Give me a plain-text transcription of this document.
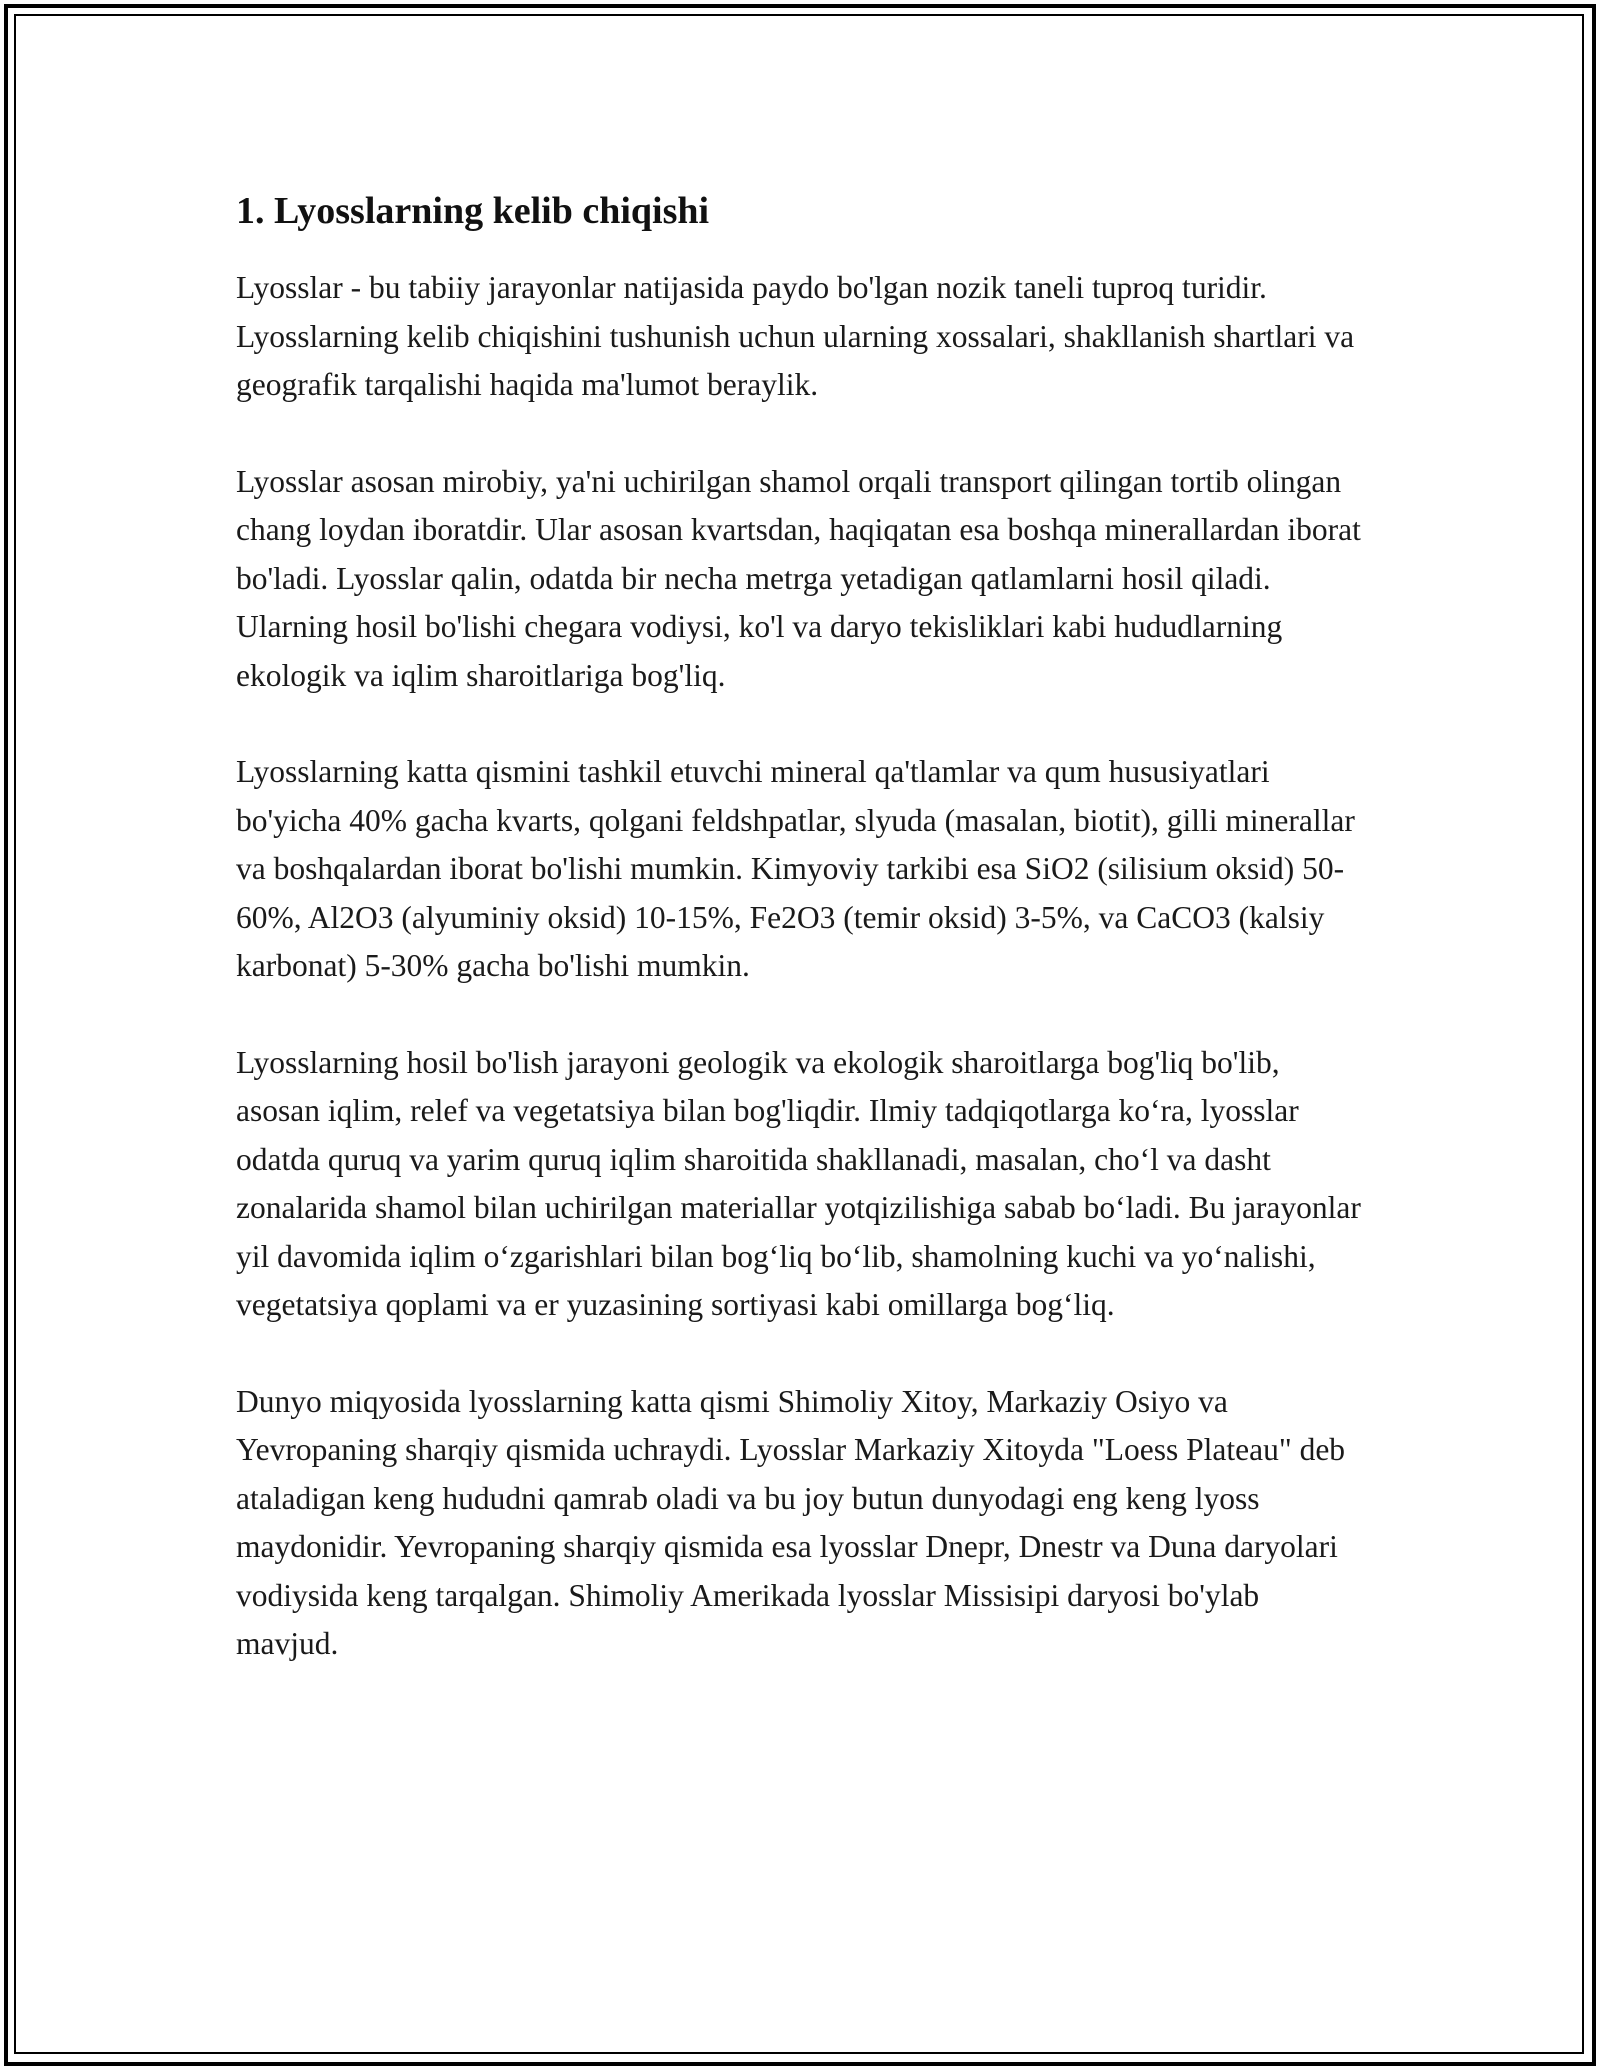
1. Lyosslarning kelib chiqishi

Lyosslar - bu tabiiy jarayonlar natijasida paydo bo'lgan nozik taneli tuproq turidir. Lyosslarning kelib chiqishini tushunish uchun ularning xossalari, shakllanish shartlari va geografik tarqalishi haqida ma'lumot beraylik.

Lyosslar asosan mirobiy, ya'ni uchirilgan shamol orqali transport qilingan tortib olingan chang loydan iboratdir. Ular asosan kvartsdan, haqiqatan esa boshqa minerallardan iborat bo'ladi. Lyosslar qalin, odatda bir necha metrga yetadigan qatlamlarni hosil qiladi. Ularning hosil bo'lishi chegara vodiysi, ko'l va daryo tekisliklari kabi hududlarning ekologik va iqlim sharoitlariga bog'liq.

Lyosslarning katta qismini tashkil etuvchi mineral qa'tlamlar va qum hususiyatlari bo'yicha 40% gacha kvarts, qolgani feldshpatlar, slyuda (masalan, biotit), gilli minerallar va boshqalardan iborat bo'lishi mumkin. Kimyoviy tarkibi esa SiO2 (silisium oksid) 50-60%, Al2O3 (alyuminiy oksid) 10-15%, Fe2O3 (temir oksid) 3-5%, va CaCO3 (kalsiy karbonat) 5-30% gacha bo'lishi mumkin.

Lyosslarning hosil bo'lish jarayoni geologik va ekologik sharoitlarga bog'liq bo'lib, asosan iqlim, relef va vegetatsiya bilan bog'liqdir. Ilmiy tadqiqotlarga ko‘ra, lyosslar odatda quruq va yarim quruq iqlim sharoitida shakllanadi, masalan, cho‘l va dasht zonalarida shamol bilan uchirilgan materiallar yotqizilishiga sabab bo‘ladi. Bu jarayonlar yil davomida iqlim o‘zgarishlari bilan bog‘liq bo‘lib, shamolning kuchi va yo‘nalishi, vegetatsiya qoplami va er yuzasining sortiyasi kabi omillarga bog‘liq.

Dunyo miqyosida lyosslarning katta qismi Shimoliy Xitoy, Markaziy Osiyo va Yevropaning sharqiy qismida uchraydi. Lyosslar Markaziy Xitoyda "Loess Plateau" deb ataladigan keng hududni qamrab oladi va bu joy butun dunyodagi eng keng lyoss maydonidir. Yevropaning sharqiy qismida esa lyosslar Dnepr, Dnestr va Duna daryolari vodiysida keng tarqalgan. Shimoliy Amerikada lyosslar Missisipi daryosi bo'ylab mavjud.
